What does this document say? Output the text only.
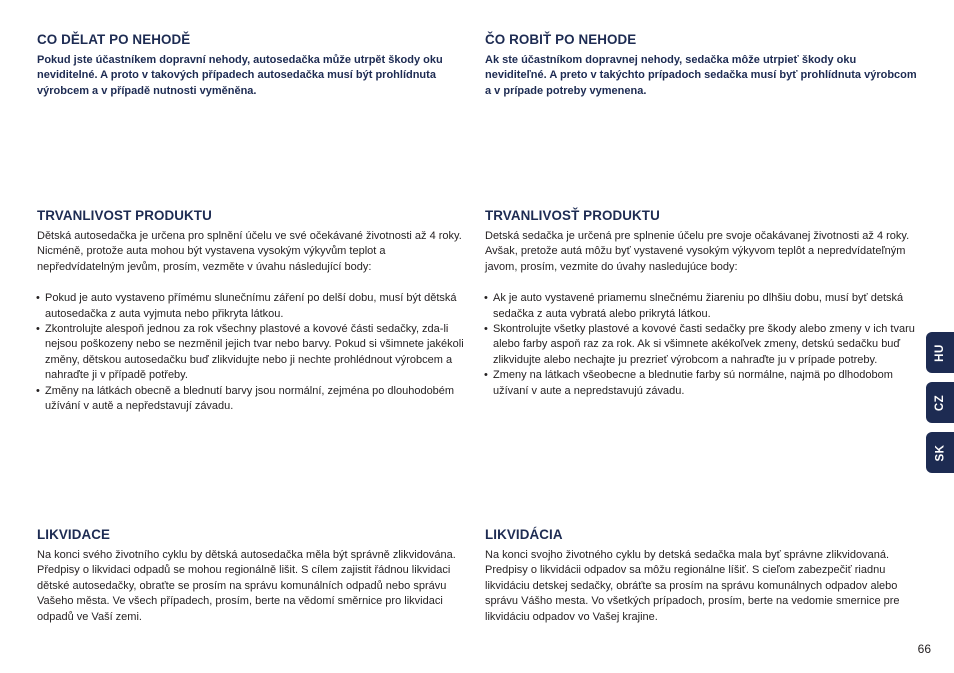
CO DĚLAT PO NEHODĚ

Pokud jste účastníkem dopravní nehody, autosedačka může utrpět škody oku neviditelné. A proto v takových případech autosedačka musí být prohlídnuta výrobcem a v případě nutnosti vyměněna.

TRVANLIVOST PRODUKTU

Dětská autosedačka je určena pro splnění účelu ve své očekávané životnosti až 4 roky. Nicméně, protože auta mohou být vystavena vysokým výkyvům teplot a nepředvídatelným jevům, prosím, vezměte v úvahu následující body:

• Pokud je auto vystaveno přímému slunečnímu záření po delší dobu, musí být dětská autosedačka z auta vyjmuta nebo přikryta látkou.
• Zkontrolujte alespoň jednou za rok všechny plastové a kovové části sedačky, zda-li nejsou poškozeny nebo se nezměnil jejich tvar nebo barvy. Pokud si všimnete jakékoli změny, dětskou autosedačku buď zlikvidujte nebo ji nechte prohlédnout výrobcem a nahraďte ji v případě potřeby.
• Změny na látkách obecně a blednutí barvy jsou normální, zejména po dlouhodobém užívání v autě a nepředstavují závadu.
LIKVIDACE

Na konci svého životního cyklu by dětská autosedačka měla být správně zlikvidována. Předpisy o likvidaci odpadů se mohou regionálně lišit. S cílem zajistit řádnou likvidaci dětské autosedačky, obraťte se prosím na správu komunálních odpadů nebo správu Vašeho města. Ve všech případech, prosím, berte na vědomí směrnice pro likvidaci odpadů ve Vaší zemi.

ČO ROBIŤ PO NEHODE

Ak ste účastníkom dopravnej nehody, sedačka môže utrpieť škody oku neviditeľné. A preto v takýchto prípadoch sedačka musí byť prohlídnuta výrobcom a v prípade potreby vymenena.

TRVANLIVOSŤ PRODUKTU

Detská sedačka je určená pre splnenie účelu pre svoje očakávanej životnosti až 4 roky. Avšak, pretože autá môžu byť vystavené vysokým výkyvom teplôt a nepredvídateľným javom, prosím, vezmite do úvahy nasledujúce body:

• Ak je auto vystavené priamemu slnečnému žiareniu po dlhšiu dobu, musí byť detská sedačka z auta vybratá alebo prikrytá látkou.
• Skontrolujte všetky plastové a kovové časti sedačky pre škody alebo zmeny v ich tvaru alebo farby aspoň raz za rok. Ak si všimnete akékoľvek zmeny, detskú sedačku buď zlikvidujte alebo nechajte ju prezrieť výrobcom a nahraďte ju v prípade potreby.
• Zmeny na látkach všeobecne a blednutie farby sú normálne, najmä po dlhodobom užívaní v aute a nepredstavujú závadu.
LIKVIDÁCIA

Na konci svojho životného cyklu by detská sedačka mala byť správne zlikvidovaná. Predpisy o likvidácii odpadov sa môžu regionálne líšiť. S cieľom zabezpečiť riadnu likvidáciu detskej sedačky, obráťte sa prosím na správu komunálnych odpadov alebo správu Vášho mesta. Vo všetkých prípadoch, prosím, berte na vedomie smernice pre likvidáciu odpadov vo Vašej krajine.

HU
CZ
SK
66
